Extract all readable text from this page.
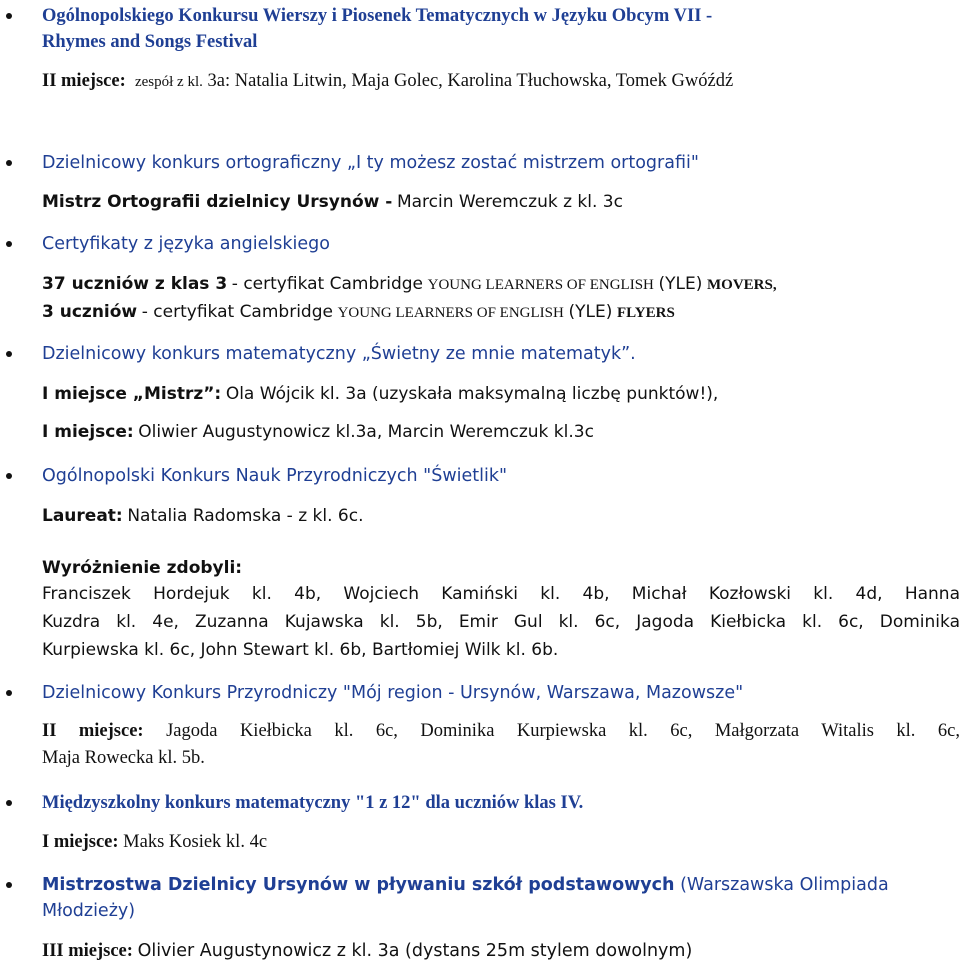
Ogólnopolskiego Konkursu Wierszy i Piosenek Tematycznych w Języku Obcym VII -
Rhymes and Songs Festival
II miejsce: zespół z kl. 3a: Natalia Litwin, Maja Golec, Karolina Tłuchowska, Tomek Gwóźdź
Dzielnicowy konkurs ortograficzny „I ty możesz zostać mistrzem ortografii"
Mistrz Ortografii dzielnicy Ursynów - Marcin Weremczuk z kl. 3c
Certyfikaty z języka angielskiego
37 uczniów z klas 3 - certyfikat Cambridge YOUNG LEARNERS OF ENGLISH (YLE) MOVERS,
3 uczniów - certyfikat Cambridge YOUNG LEARNERS OF ENGLISH (YLE) FLYERS
Dzielnicowy konkurs matematyczny „Świetny ze mnie matematyk”.
I miejsce „Mistrz”: Ola Wójcik kl. 3a (uzyskała maksymalną liczbę punktów!),
I miejsce: Oliwier Augustynowicz kl.3a, Marcin Weremczuk kl.3c
Ogólnopolski Konkurs Nauk Przyrodniczych "Świetlik"
Laureat: Natalia Radomska - z kl. 6c.
Wyróżnienie zdobyli:
Franciszek Hordejuk kl. 4b, Wojciech Kamiński kl. 4b, Michał Kozłowski kl. 4d, Hanna
Kuzdra kl. 4e, Zuzanna Kujawska kl. 5b, Emir Gul kl. 6c, Jagoda Kiełbicka kl. 6c, Dominika
Kurpiewska kl. 6c, John Stewart kl. 6b, Bartłomiej Wilk kl. 6b.
Dzielnicowy Konkurs Przyrodniczy "Mój region - Ursynów, Warszawa, Mazowsze"
II miejsce: Jagoda Kiełbicka kl. 6c, Dominika Kurpiewska kl. 6c, Małgorzata Witalis kl. 6c,
Maja Rowecka kl. 5b.
Międzyszkolny konkurs matematyczny "1 z 12" dla uczniów klas IV.
I miejsce: Maks Kosiek kl. 4c
Mistrzostwa Dzielnicy Ursynów w pływaniu szkół podstawowych (Warszawska Olimpiada
Młodzieży)
III miejsce: Olivier Augustynowicz z kl. 3a (dystans 25m stylem dowolnym)
